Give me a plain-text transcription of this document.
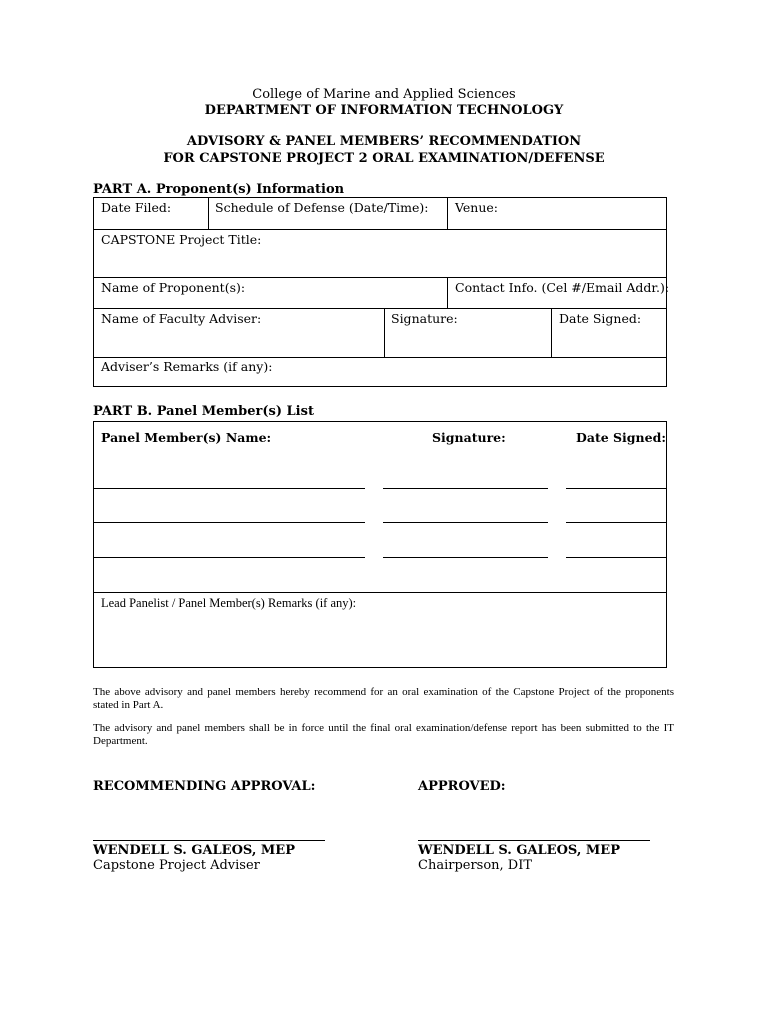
College of Marine and Applied Sciences
DEPARTMENT OF INFORMATION TECHNOLOGY
ADVISORY & PANEL MEMBERS’ RECOMMENDATION
FOR CAPSTONE PROJECT 2 ORAL EXAMINATION/DEFENSE
PART A. Proponent(s) Information
Date Filed:	Schedule of Defense (Date/Time): Venue:
CAPSTONE Project Title:
Name of Proponent(s):	Contact Info. (Cel #/Email Addr.):
Name of Faculty Adviser:	Signature:	Date Signed:
Adviser’s Remarks (if any):
PART B. Panel Member(s) List
Panel Member(s) Name:	Signature:	Date Signed:
Lead Panelist / Panel Member(s) Remarks (if any):
The above advisory and panel members hereby recommend for an oral examination of the Capstone Project of the proponents stated in Part A.
The advisory and panel members shall be in force until the final oral examination/defense report has been submitted to the IT Department.
RECOMMENDING APPROVAL:	APPROVED:
WENDELL S. GALEOS, MEP
Capstone Project Adviser
WENDELL S. GALEOS, MEP
Chairperson, DIT
